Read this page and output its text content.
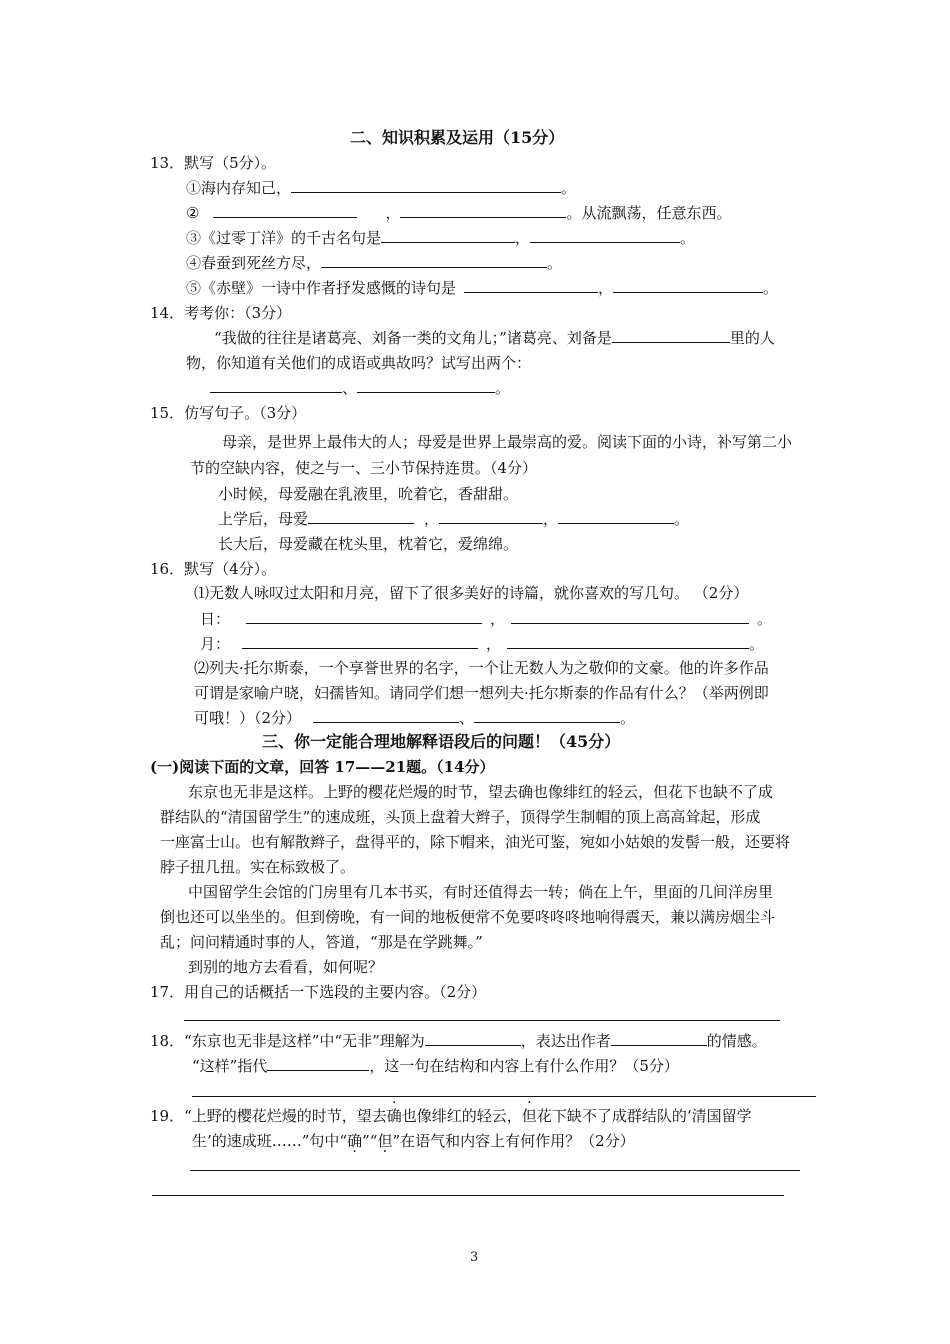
二、知识积累及运用（15分）
13．默写（5分）。
①海内存知己，	。
②	，	。从流飘荡，任意东西。
③《过零丁洋》的千古名句是	，	。
④春蚕到死丝方尽，	。
⑤《赤壁》一诗中作者抒发感慨的诗句是	，	。
14．考考你：（3分）
“我做的往往是诸葛亮、刘备一类的文角儿；”诸葛亮、刘备是	里的人
物，你知道有关他们的成语或典故吗？试写出两个：
、	。
15．仿写句子。（3分）
母亲，是世界上最伟大的人；母爱是世界上最崇高的爱。阅读下面的小诗，补写第二小
节的空缺内容，使之与一、三小节保持连贯。（4分）
小时候，母爱融在乳液里，吮着它，香甜甜。
上学后，母爱	，	，	。
长大后，母爱藏在枕头里，枕着它，爱绵绵。
16．默写（4分）。
⑴无数人咏叹过太阳和月亮，留下了很多美好的诗篇，就你喜欢的写几句。 （2分）
日：	，	。
月：	，	。
⑵列夫·托尔斯泰，一个享誉世界的名字，一个让无数人为之敬仰的文豪。他的许多作品
可谓是家喻户晓，妇孺皆知。请同学们想一想列夫·托尔斯泰的作品有什么？（举两例即
可哦！）（2分）	、	。
三、你一定能合理地解释语段后的问题！（45分）
(一)阅读下面的文章，回答 17——21题。（14分）
东京也无非是这样。上野的樱花烂熳的时节，望去确也像绯红的轻云，但花下也缺不了成
群结队的“清国留学生”的速成班，头顶上盘着大辫子，顶得学生制帽的顶上高高耸起，形成
一座富士山。也有解散辫子，盘得平的，除下帽来，油光可鉴，宛如小姑娘的发髻一般，还要将
脖子扭几扭。实在标致极了。
中国留学生会馆的门房里有几本书买，有时还值得去一转；倘在上午，里面的几间洋房里
倒也还可以坐坐的。但到傍晚，有一间的地板便常不免要咚咚咚地响得震天，兼以满房烟尘斗
乱；问问精通时事的人，答道，“那是在学跳舞。”
到别的地方去看看，如何呢？
17．用自己的话概括一下选段的主要内容。（2分）
18．“东京也无非是这样”中“无非”理解为	，表达出作者	的情感。
“这样”指代	，这一句在结构和内容上有什么作用？（5分）
19．“上野的樱花烂熳的时节，望去确也像绯红的轻云，但花下缺不了成群结队的‘清国留学
生’的速成班……”句中“确”“但”在语气和内容上有何作用？（2分）
3
